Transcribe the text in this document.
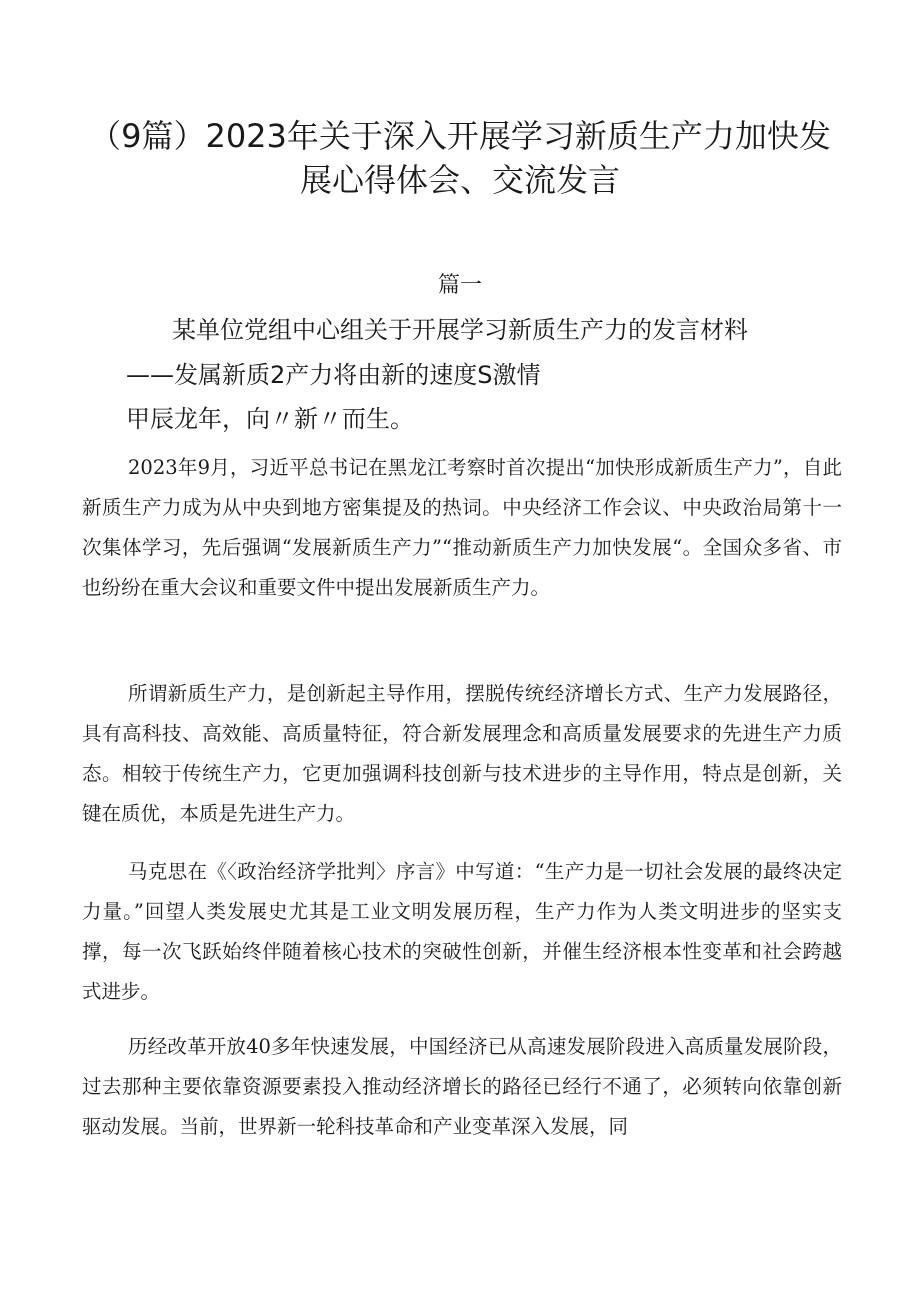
（9篇）2023年关于深入开展学习新质生产力加快发
展心得体会、交流发言
篇一
某单位党组中心组关于开展学习新质生产力的发言材料
——发属新质2产力将由新的速度S激情
甲辰龙年，向〃新〃而生。

2023年9月，习近平总书记在黑龙江考察时首次提出“加快形成新质生产力”，自此新质生产力成为从中央到地方密集提及的热词。中央经济工作会议、中央政治局第十一次集体学习，先后强调“发展新质生产力”“推动新质生产力加快发展“。全国众多省、市也纷纷在重大会议和重要文件中提出发展新质生产力。

所谓新质生产力，是创新起主导作用，摆脱传统经济增长方式、生产力发展路径，具有高科技、高效能、高质量特征，符合新发展理念和高质量发展要求的先进生产力质态。相较于传统生产力，它更加强调科技创新与技术进步的主导作用，特点是创新，关键在质优，本质是先进生产力。

马克思在《〈政治经济学批判〉序言》中写道：“生产力是一切社会发展的最终决定力量。”回望人类发展史尤其是工业文明发展历程，生产力作为人类文明进步的坚实支撑，每一次飞跃始终伴随着核心技术的突破性创新，并催生经济根本性变革和社会跨越式进步。

历经改革开放40多年快速发展，中国经济已从高速发展阶段进入高质量发展阶段，过去那种主要依靠资源要素投入推动经济增长的路径已经行不通了，必须转向依靠创新驱动发展。当前，世界新一轮科技革命和产业变革深入发展，同
